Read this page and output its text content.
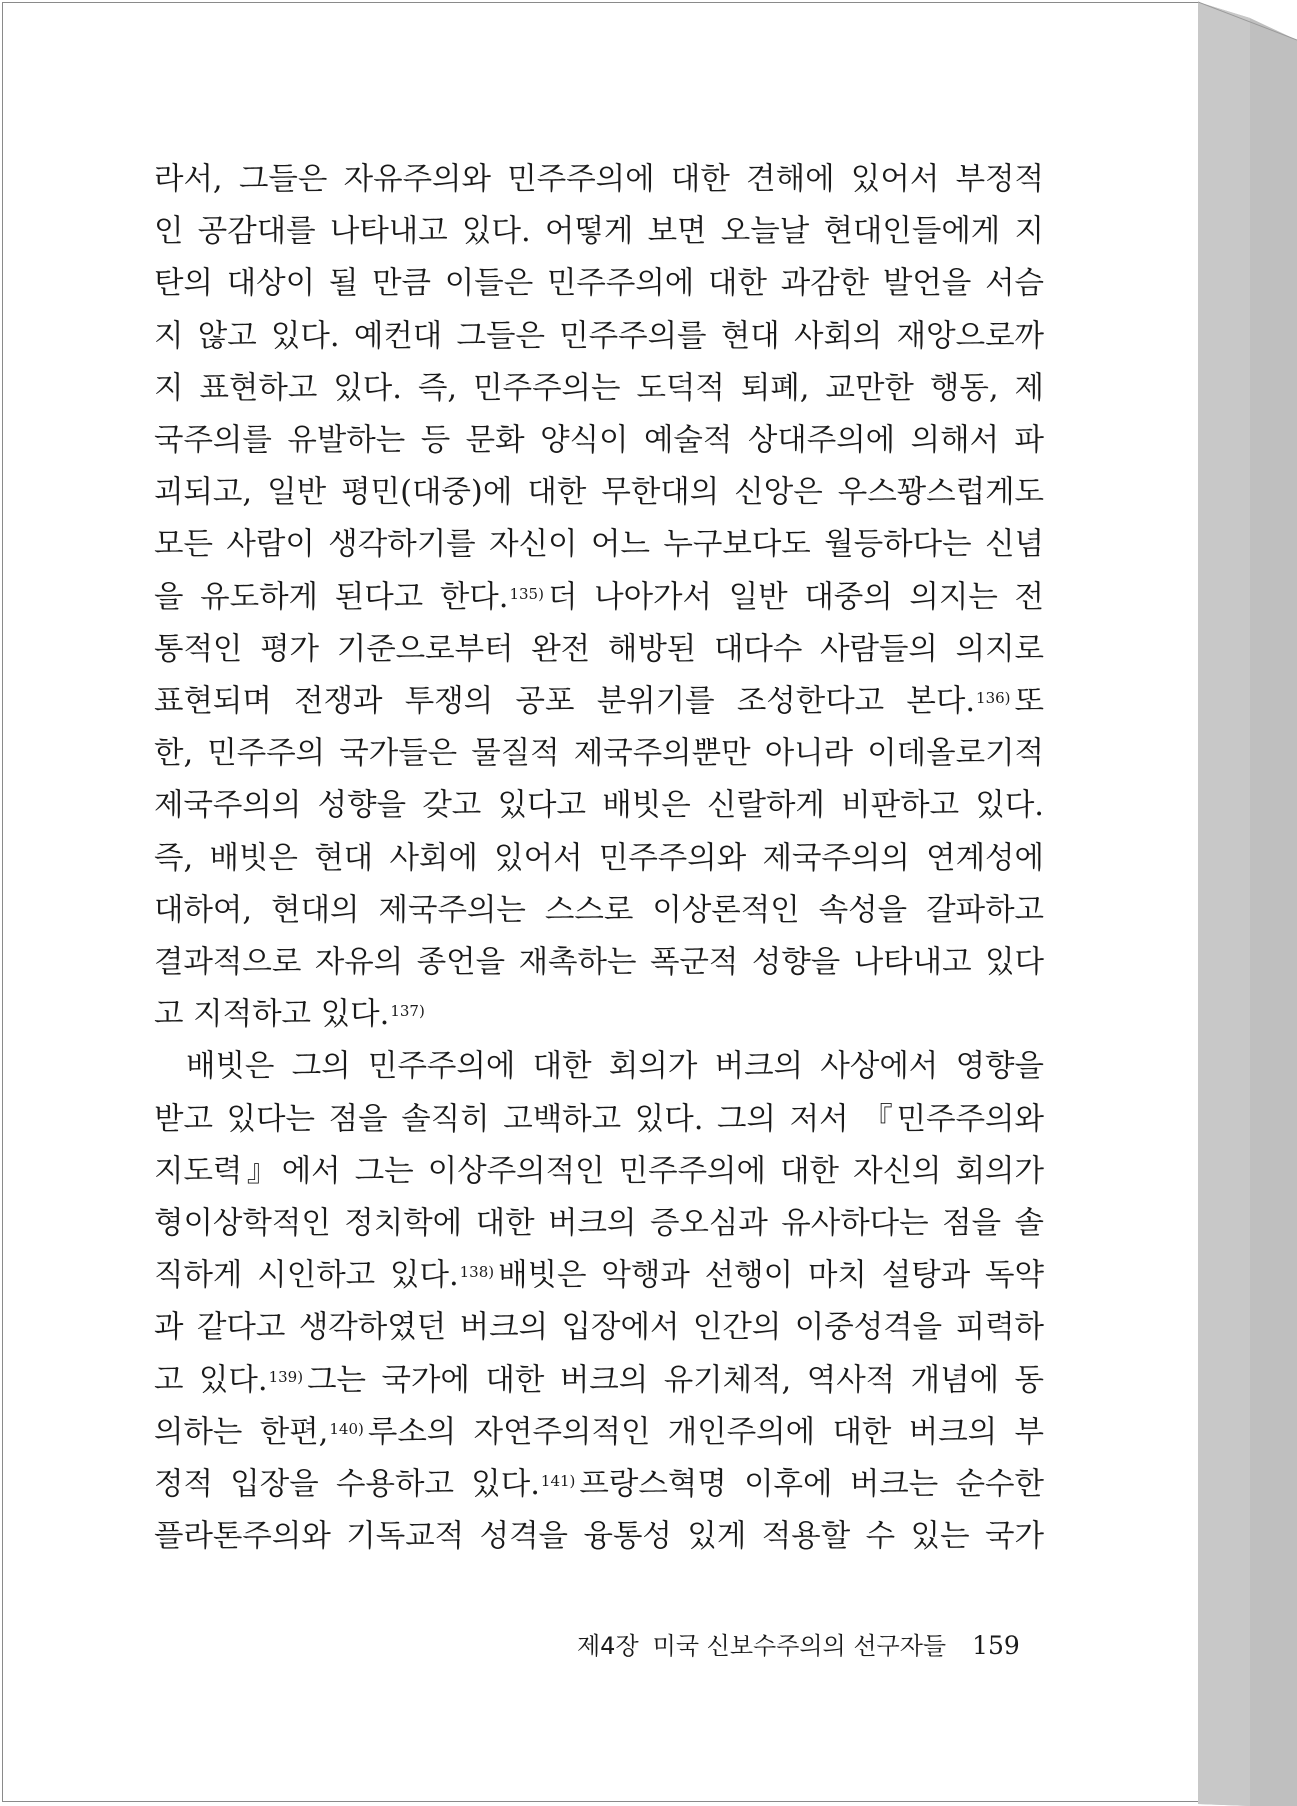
라서, 그들은 자유주의와 민주주의에 대한 견해에 있어서 부정적
인 공감대를 나타내고 있다. 어떻게 보면 오늘날 현대인들에게 지
탄의 대상이 될 만큼 이들은 민주주의에 대한 과감한 발언을 서슴
지 않고 있다. 예컨대 그들은 민주주의를 현대 사회의 재앙으로까
지 표현하고 있다. 즉, 민주주의는 도덕적 퇴폐, 교만한 행동, 제
국주의를 유발하는 등 문화 양식이 예술적 상대주의에 의해서 파
괴되고, 일반 평민(대중)에 대한 무한대의 신앙은 우스꽝스럽게도
모든 사람이 생각하기를 자신이 어느 누구보다도 월등하다는 신념
을 유도하게 된다고 한다.$^{135)}$ 더 나아가서 일반 대중의 의지는 전
통적인 평가 기준으로부터 완전 해방된 대다수 사람들의 의지로
표현되며 전쟁과 투쟁의 공포 분위기를 조성한다고 본다.$^{136)}$ 또
한, 민주주의 국가들은 물질적 제국주의뿐만 아니라 이데올로기적
제국주의의 성향을 갖고 있다고 배빗은 신랄하게 비판하고 있다.
즉, 배빗은 현대 사회에 있어서 민주주의와 제국주의의 연계성에
대하여, 현대의 제국주의는 스스로 이상론적인 속성을 갈파하고
결과적으로 자유의 종언을 재촉하는 폭군적 성향을 나타내고 있다
고 지적하고 있다.$^{137)}$
배빗은 그의 민주주의에 대한 회의가 버크의 사상에서 영향을
받고 있다는 점을 솔직히 고백하고 있다. 그의 저서 『민주주의와
지도력』에서 그는 이상주의적인 민주주의에 대한 자신의 회의가
형이상학적인 정치학에 대한 버크의 증오심과 유사하다는 점을 솔
직하게 시인하고 있다.$^{138)}$ 배빗은 악행과 선행이 마치 설탕과 독약
과 같다고 생각하였던 버크의 입장에서 인간의 이중성격을 피력하
고 있다.$^{139)}$ 그는 국가에 대한 버크의 유기체적, 역사적 개념에 동
의하는 한편,$^{140)}$ 루소의 자연주의적인 개인주의에 대한 버크의 부
정적 입장을 수용하고 있다.$^{141)}$ 프랑스혁명 이후에 버크는 순수한
플라톤주의와 기독교적 성격을 융통성 있게 적용할 수 있는 국가
제4장 미국 신보수주의의 선구자들 159
